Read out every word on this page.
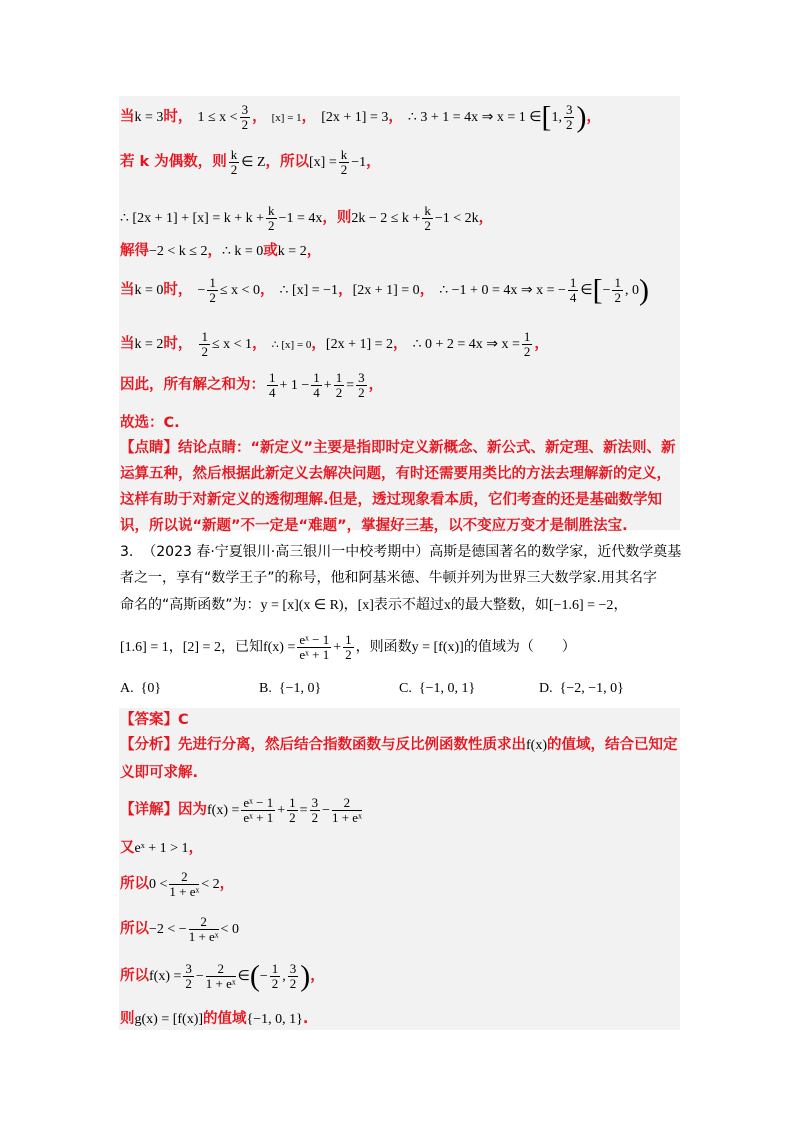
当k = 3时， $1 \le x < \frac{3}{2}$ ， [x] = 1， [2x + 1] = 3， ∴ 3 + 1 = 4x ⇒ x = 1 ∈[1, $\frac{3}{2}$ )，
若 k 为偶数，则 $\frac{k}{2}$ ∈ Z，所以$[x] = \frac{k}{2} -1$，
∴ $[2x + 1] + [x] = k + k + \frac{k}{2} -1 = 4x$，则$2k - 2 \le k + \frac{k}{2} -1 < 2k$，
解得−2 < k ≤ 2，∴ k = 0或k = 2，
当k = 0时， − $\frac{1}{2} \le x < 0$， ∴ [x] = −1，[2x + 1] = 0， ∴ −1 + 0 = 4x ⇒ x = − $\frac{1}{4}$ ∈[− $\frac{1}{2}$ , 0)
当k = 2时， $\frac{1}{2} \le x < 1$， ∴ [x] = 0，[2x + 1] = 2， ∴ 0 + 2 = 4x ⇒ $x = \frac{1}{2}$ ，
因此，所有解之和为： $\frac{1}{4} + 1 - \frac{1}{4} + \frac{1}{2} = \frac{3}{2}$ ，
故选：C.
【点睛】结论点睛：“新定义”主要是指即时定义新概念、新公式、新定理、新法则、新运算五种，然后根据此新定义去解决问题，有时还需要用类比的方法去理解新的定义，这样有助于对新定义的透彻理解.但是，透过现象看本质，它们考查的还是基础数学知识，所以说“新题”不一定是“难题”，掌握好三基，以不变应万变才是制胜法宝.
3. （2023 春·宁夏银川·高三银川一中校考期中）高斯是德国著名的数学家，近代数学奠基
者之一，享有“数学王子”的称号，他和阿基米德、牛顿并列为世界三大数学家.用其名字
命名的“高斯函数”为：y = [x](x ∈ R)，[x]表示不超过x的最大整数，如[−1.6] = −2，
[1.6] = 1，[2] = 2，已知$f(x) = \frac{\text{eˣ − 1}}{\text{eˣ + 1}} + \frac{1}{2}$ ，则函数y = [f(x)]的值域为（　　）
A. {0}	B. {−1, 0}	C. {−1, 0, 1}	D. {−2, −1, 0}
【答案】C
【分析】先进行分离，然后结合指数函数与反比例函数性质求出f(x)的值域，结合已知定
义即可求解.
【详解】因为$f(x) = \frac{\text{eˣ − 1}}{\text{eˣ + 1}} + \frac{1}{2} = \frac{3}{2} - \frac{2}{\text{1 + eˣ}}$
又eˣ + 1 > 1，
所以$0 < \frac{2}{\text{1 + eˣ}} < 2$，
所以−2 < − $\frac{2}{\text{1 + eˣ}} < 0$
所以$f(x) = \frac{3}{2} - \frac{2}{\text{1 + eˣ}}$ ∈(− $\frac{1}{2}$ , $\frac{3}{2}$ )，
则g(x) = [f(x)]的值域{−1, 0, 1}.
